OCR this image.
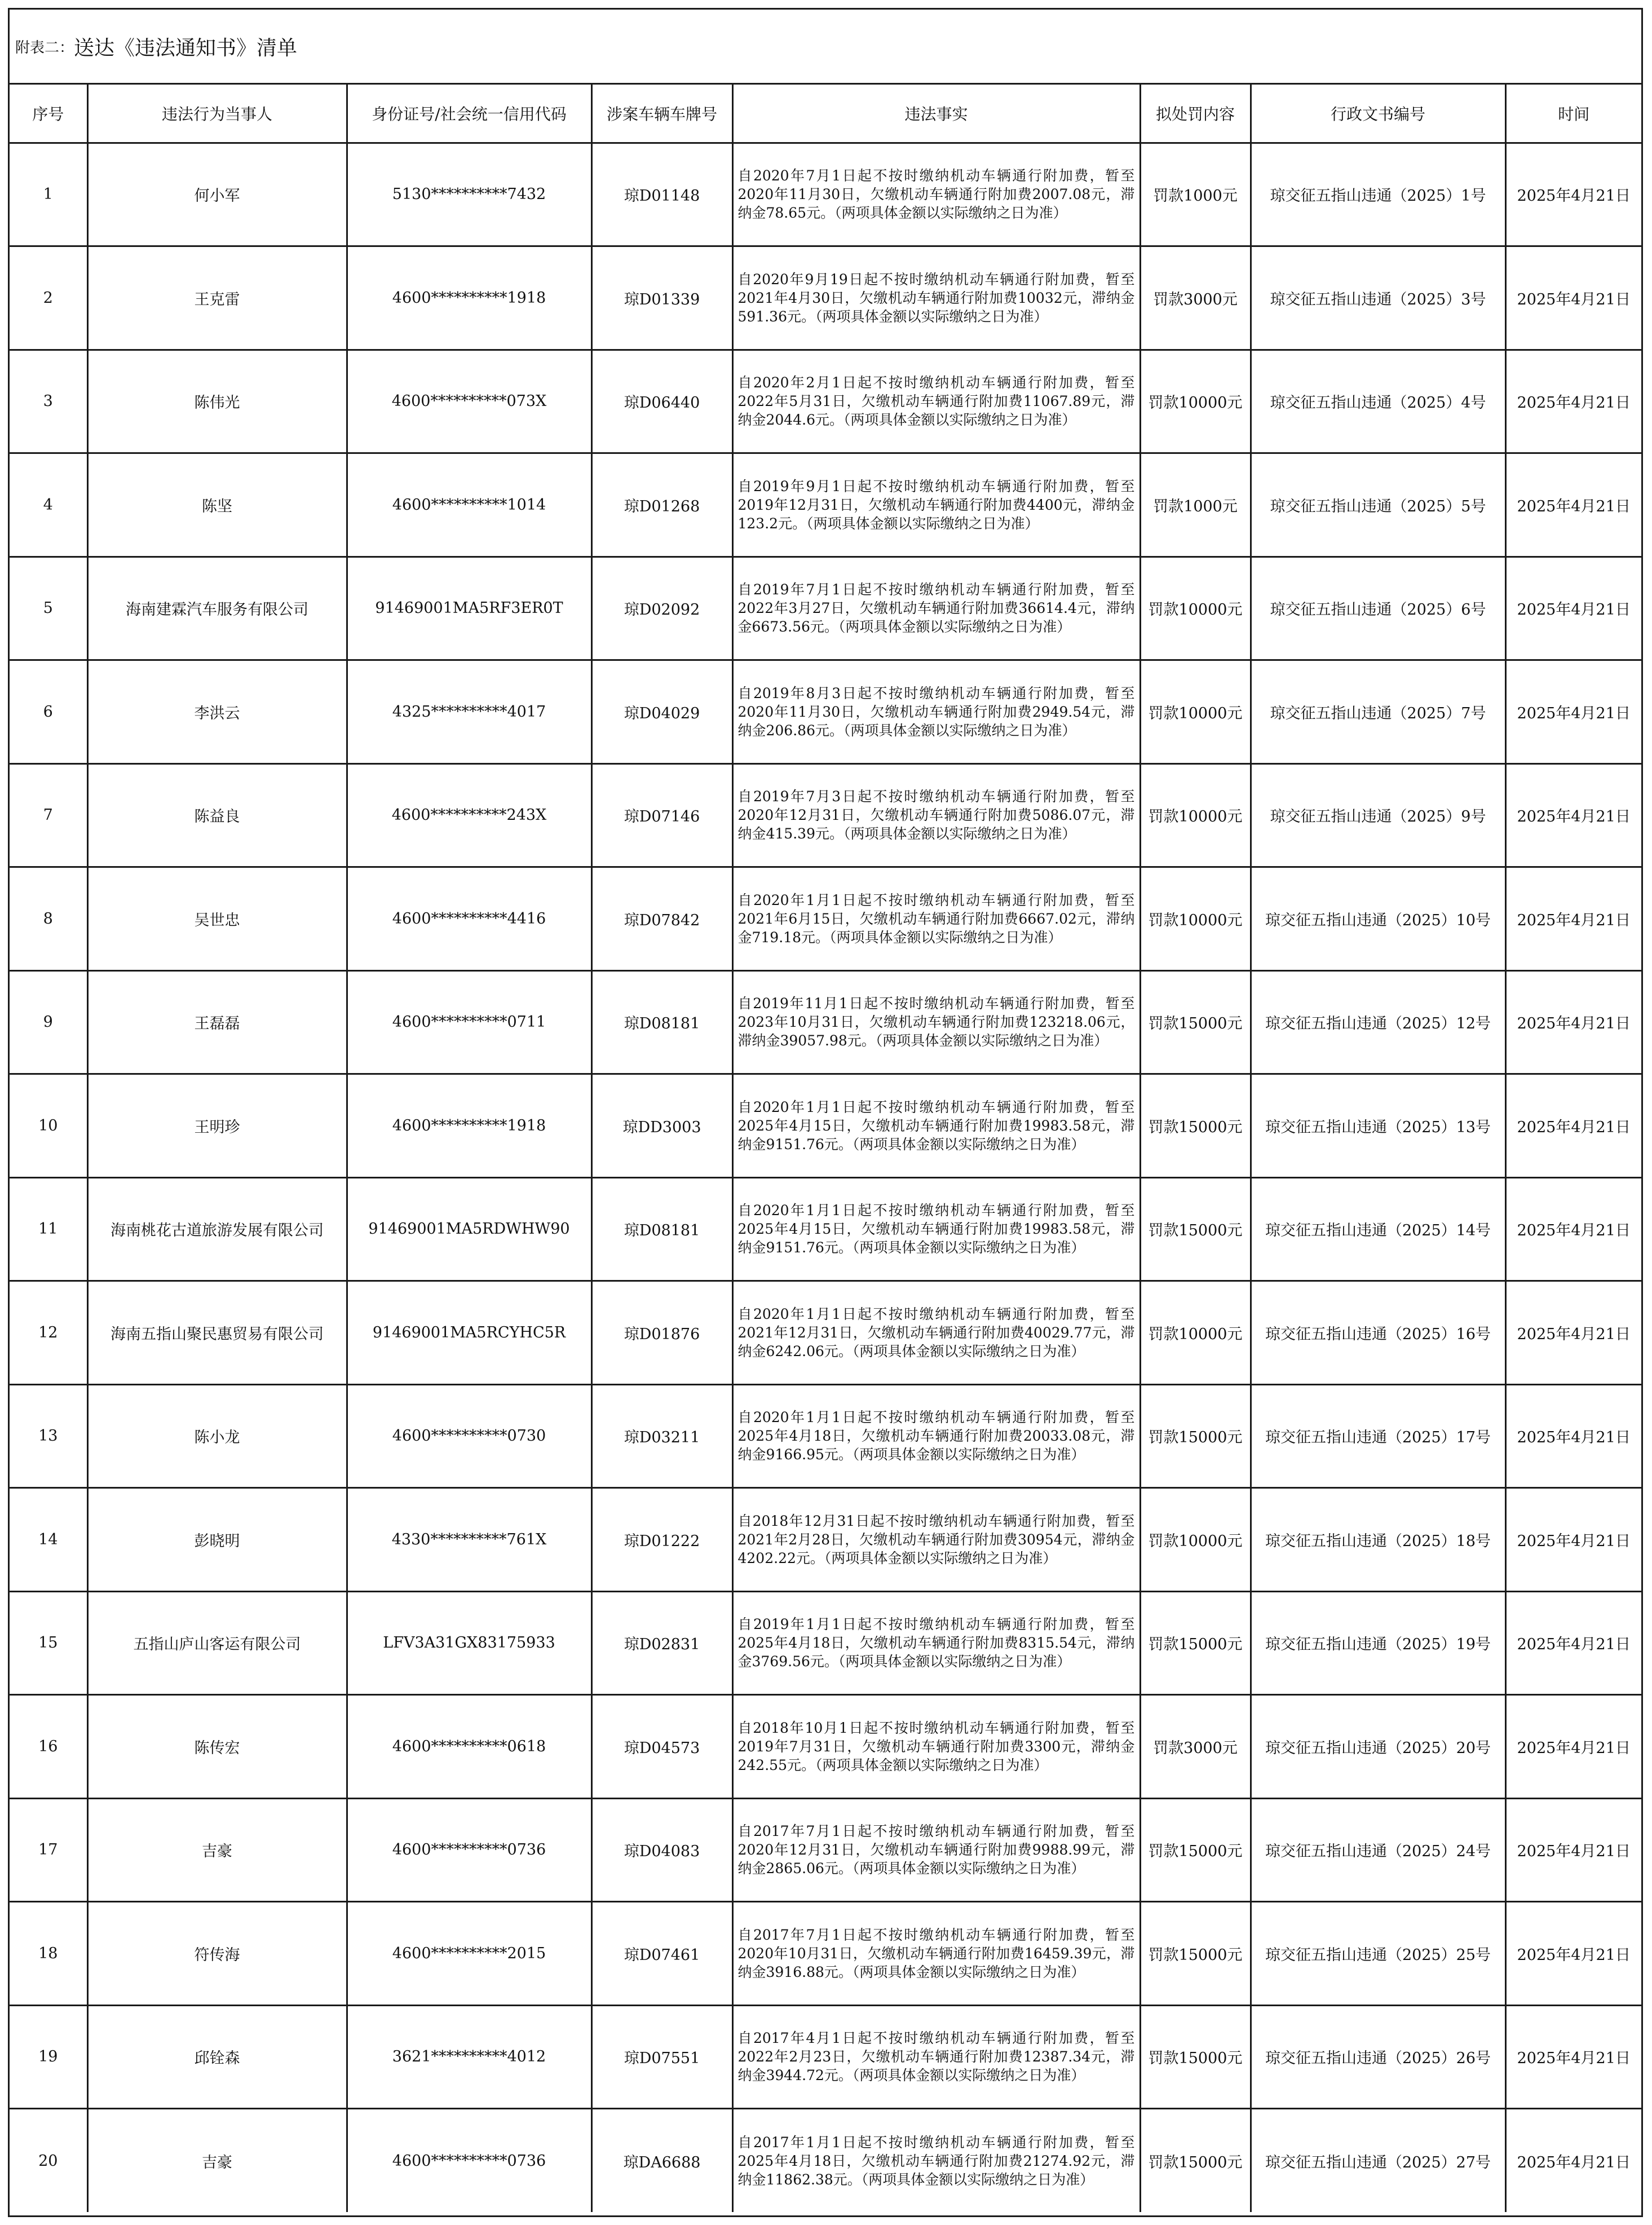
附表二： 送达《违法通知书》清单
序号	违法行为当事人	身份证号/社会统一信用代码	涉案车辆车牌号	违法事实	拟处罚内容	行政文书编号	时间
1	何小军	5130**********7432	琼D01148	自2020年7月1日起不按时缴纳机动车辆通行附加费，暂至2020年11月30日，欠缴机动车辆通行附加费2007.08元，滞纳金78.65元。（两项具体金额以实际缴纳之日为准）	罚款1000元	琼交征五指山违通（2025）1号	2025年4月21日
2	王克雷	4600**********1918	琼D01339	自2020年9月19日起不按时缴纳机动车辆通行附加费，暂至2021年4月30日，欠缴机动车辆通行附加费10032元，滞纳金591.36元。（两项具体金额以实际缴纳之日为准）	罚款3000元	琼交征五指山违通（2025）3号	2025年4月21日
3	陈伟光	4600**********073X	琼D06440	自2020年2月1日起不按时缴纳机动车辆通行附加费，暂至2022年5月31日，欠缴机动车辆通行附加费11067.89元，滞纳金2044.6元。（两项具体金额以实际缴纳之日为准）	罚款10000元	琼交征五指山违通（2025）4号	2025年4月21日
4	陈坚	4600**********1014	琼D01268	自2019年9月1日起不按时缴纳机动车辆通行附加费，暂至2019年12月31日，欠缴机动车辆通行附加费4400元，滞纳金123.2元。（两项具体金额以实际缴纳之日为准）	罚款1000元	琼交征五指山违通（2025）5号	2025年4月21日
5	海南建霖汽车服务有限公司	91469001MA5RF3ER0T	琼D02092	自2019年7月1日起不按时缴纳机动车辆通行附加费，暂至2022年3月27日，欠缴机动车辆通行附加费36614.4元，滞纳金6673.56元。（两项具体金额以实际缴纳之日为准）	罚款10000元	琼交征五指山违通（2025）6号	2025年4月21日
6	李洪云	4325**********4017	琼D04029	自2019年8月3日起不按时缴纳机动车辆通行附加费，暂至2020年11月30日，欠缴机动车辆通行附加费2949.54元，滞纳金206.86元。（两项具体金额以实际缴纳之日为准）	罚款10000元	琼交征五指山违通（2025）7号	2025年4月21日
7	陈益良	4600**********243X	琼D07146	自2019年7月3日起不按时缴纳机动车辆通行附加费，暂至2020年12月31日，欠缴机动车辆通行附加费5086.07元，滞纳金415.39元。（两项具体金额以实际缴纳之日为准）	罚款10000元	琼交征五指山违通（2025）9号	2025年4月21日
8	吴世忠	4600**********4416	琼D07842	自2020年1月1日起不按时缴纳机动车辆通行附加费，暂至2021年6月15日，欠缴机动车辆通行附加费6667.02元，滞纳金719.18元。（两项具体金额以实际缴纳之日为准）	罚款10000元	琼交征五指山违通（2025）10号	2025年4月21日
9	王磊磊	4600**********0711	琼D08181	自2019年11月1日起不按时缴纳机动车辆通行附加费，暂至2023年10月31日，欠缴机动车辆通行附加费123218.06元，滞纳金39057.98元。（两项具体金额以实际缴纳之日为准）	罚款15000元	琼交征五指山违通（2025）12号	2025年4月21日
10	王明珍	4600**********1918	琼DD3003	自2020年1月1日起不按时缴纳机动车辆通行附加费，暂至2025年4月15日，欠缴机动车辆通行附加费19983.58元，滞纳金9151.76元。（两项具体金额以实际缴纳之日为准）	罚款15000元	琼交征五指山违通（2025）13号	2025年4月21日
11	海南桃花古道旅游发展有限公司	91469001MA5RDWHW90	琼D08181	自2020年1月1日起不按时缴纳机动车辆通行附加费，暂至2025年4月15日，欠缴机动车辆通行附加费19983.58元，滞纳金9151.76元。（两项具体金额以实际缴纳之日为准）	罚款15000元	琼交征五指山违通（2025）14号	2025年4月21日
12	海南五指山聚民惠贸易有限公司	91469001MA5RCYHC5R	琼D01876	自2020年1月1日起不按时缴纳机动车辆通行附加费，暂至2021年12月31日，欠缴机动车辆通行附加费40029.77元，滞纳金6242.06元。（两项具体金额以实际缴纳之日为准）	罚款10000元	琼交征五指山违通（2025）16号	2025年4月21日
13	陈小龙	4600**********0730	琼D03211	自2020年1月1日起不按时缴纳机动车辆通行附加费，暂至2025年4月18日，欠缴机动车辆通行附加费20033.08元，滞纳金9166.95元。（两项具体金额以实际缴纳之日为准）	罚款15000元	琼交征五指山违通（2025）17号	2025年4月21日
14	彭晓明	4330**********761X	琼D01222	自2018年12月31日起不按时缴纳机动车辆通行附加费，暂至2021年2月28日，欠缴机动车辆通行附加费30954元，滞纳金4202.22元。（两项具体金额以实际缴纳之日为准）	罚款10000元	琼交征五指山违通（2025）18号	2025年4月21日
15	五指山庐山客运有限公司	LFV3A31GX83175933	琼D02831	自2019年1月1日起不按时缴纳机动车辆通行附加费，暂至2025年4月18日，欠缴机动车辆通行附加费8315.54元，滞纳金3769.56元。（两项具体金额以实际缴纳之日为准）	罚款15000元	琼交征五指山违通（2025）19号	2025年4月21日
16	陈传宏	4600**********0618	琼D04573	自2018年10月1日起不按时缴纳机动车辆通行附加费，暂至2019年7月31日，欠缴机动车辆通行附加费3300元，滞纳金242.55元。（两项具体金额以实际缴纳之日为准）	罚款3000元	琼交征五指山违通（2025）20号	2025年4月21日
17	吉豪	4600**********0736	琼D04083	自2017年7月1日起不按时缴纳机动车辆通行附加费，暂至2020年12月31日，欠缴机动车辆通行附加费9988.99元，滞纳金2865.06元。（两项具体金额以实际缴纳之日为准）	罚款15000元	琼交征五指山违通（2025）24号	2025年4月21日
18	符传海	4600**********2015	琼D07461	自2017年7月1日起不按时缴纳机动车辆通行附加费，暂至2020年10月31日，欠缴机动车辆通行附加费16459.39元，滞纳金3916.88元。（两项具体金额以实际缴纳之日为准）	罚款15000元	琼交征五指山违通（2025）25号	2025年4月21日
19	邱铨森	3621**********4012	琼D07551	自2017年4月1日起不按时缴纳机动车辆通行附加费，暂至2022年2月23日，欠缴机动车辆通行附加费12387.34元，滞纳金3944.72元。（两项具体金额以实际缴纳之日为准）	罚款15000元	琼交征五指山违通（2025）26号	2025年4月21日
20	吉豪	4600**********0736	琼DA6688	自2017年1月1日起不按时缴纳机动车辆通行附加费，暂至2025年4月18日，欠缴机动车辆通行附加费21274.92元，滞纳金11862.38元。（两项具体金额以实际缴纳之日为准）	罚款15000元	琼交征五指山违通（2025）27号	2025年4月21日
